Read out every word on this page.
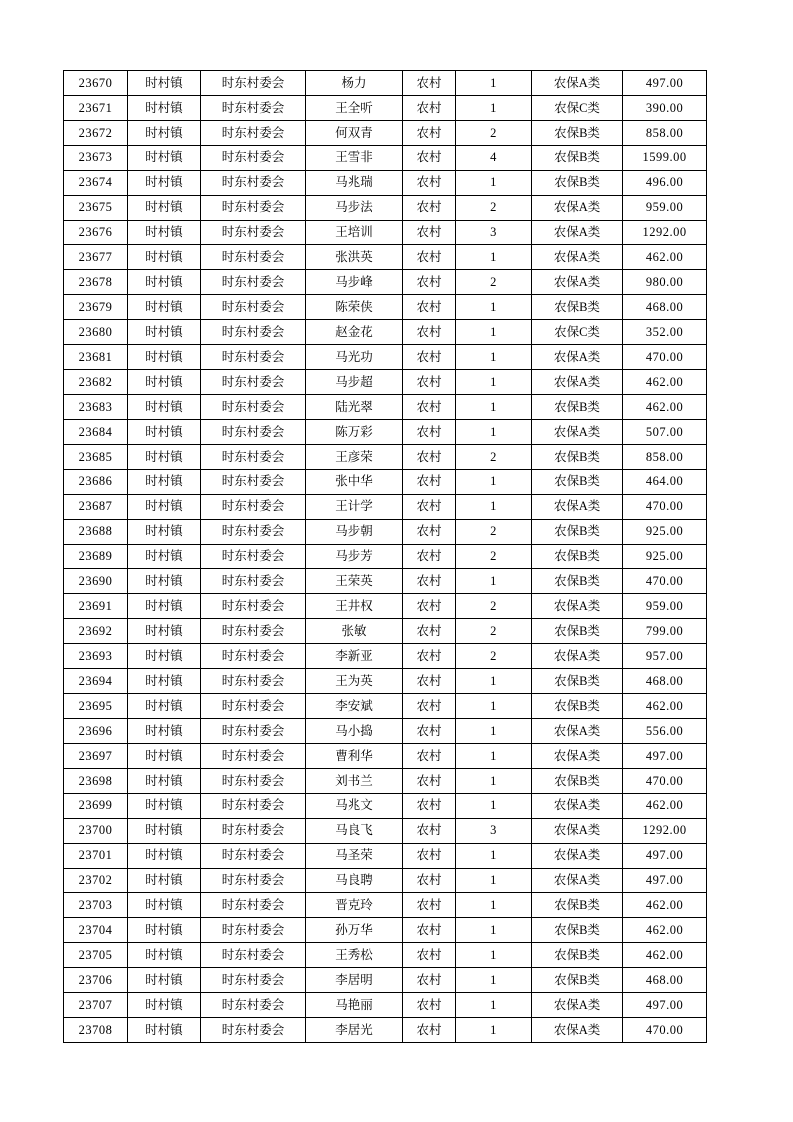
23670	时村镇	时东村委会	杨力	农村	1	农保A类	497.00
23671	时村镇	时东村委会	王全听	农村	1	农保C类	390.00
23672	时村镇	时东村委会	何双青	农村	2	农保B类	858.00
23673	时村镇	时东村委会	王雪非	农村	4	农保B类	1599.00
23674	时村镇	时东村委会	马兆瑞	农村	1	农保B类	496.00
23675	时村镇	时东村委会	马步法	农村	2	农保A类	959.00
23676	时村镇	时东村委会	王培训	农村	3	农保A类	1292.00
23677	时村镇	时东村委会	张洪英	农村	1	农保A类	462.00
23678	时村镇	时东村委会	马步峰	农村	2	农保A类	980.00
23679	时村镇	时东村委会	陈荣侠	农村	1	农保B类	468.00
23680	时村镇	时东村委会	赵金花	农村	1	农保C类	352.00
23681	时村镇	时东村委会	马光功	农村	1	农保A类	470.00
23682	时村镇	时东村委会	马步超	农村	1	农保A类	462.00
23683	时村镇	时东村委会	陆光翠	农村	1	农保B类	462.00
23684	时村镇	时东村委会	陈万彩	农村	1	农保A类	507.00
23685	时村镇	时东村委会	王彦荣	农村	2	农保B类	858.00
23686	时村镇	时东村委会	张中华	农村	1	农保B类	464.00
23687	时村镇	时东村委会	王计学	农村	1	农保A类	470.00
23688	时村镇	时东村委会	马步朝	农村	2	农保B类	925.00
23689	时村镇	时东村委会	马步芳	农村	2	农保B类	925.00
23690	时村镇	时东村委会	王荣英	农村	1	农保B类	470.00
23691	时村镇	时东村委会	王井权	农村	2	农保A类	959.00
23692	时村镇	时东村委会	张敏	农村	2	农保B类	799.00
23693	时村镇	时东村委会	李新亚	农村	2	农保A类	957.00
23694	时村镇	时东村委会	王为英	农村	1	农保B类	468.00
23695	时村镇	时东村委会	李安斌	农村	1	农保B类	462.00
23696	时村镇	时东村委会	马小捣	农村	1	农保A类	556.00
23697	时村镇	时东村委会	曹利华	农村	1	农保A类	497.00
23698	时村镇	时东村委会	刘书兰	农村	1	农保B类	470.00
23699	时村镇	时东村委会	马兆文	农村	1	农保A类	462.00
23700	时村镇	时东村委会	马良飞	农村	3	农保A类	1292.00
23701	时村镇	时东村委会	马圣荣	农村	1	农保A类	497.00
23702	时村镇	时东村委会	马良聘	农村	1	农保A类	497.00
23703	时村镇	时东村委会	晋克玲	农村	1	农保B类	462.00
23704	时村镇	时东村委会	孙万华	农村	1	农保B类	462.00
23705	时村镇	时东村委会	王秀松	农村	1	农保B类	462.00
23706	时村镇	时东村委会	李居明	农村	1	农保B类	468.00
23707	时村镇	时东村委会	马艳丽	农村	1	农保A类	497.00
23708	时村镇	时东村委会	李居光	农村	1	农保A类	470.00
